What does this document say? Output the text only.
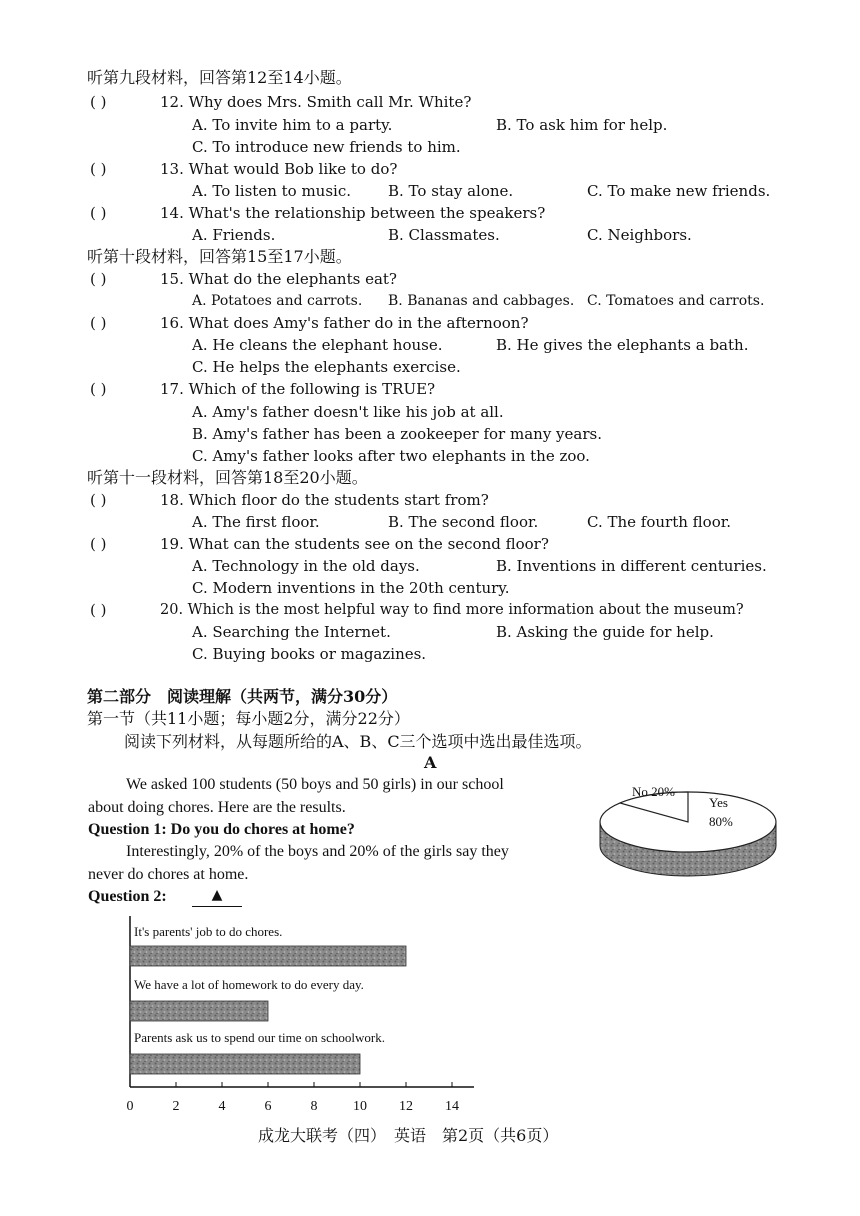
听第九段材料，回答第12至14小题。
( )	12. Why does Mrs. Smith call Mr. White?
A. To invite him to a party.	B. To ask him for help.
C. To introduce new friends to him.
( )	13. What would Bob like to do?
A. To listen to music. B. To stay alone.	C. To make new friends.
( )	14. What's the relationship between the speakers?
A. Friends.	B. Classmates.	C. Neighbors.
听第十段材料，回答第15至17小题。
( )	15. What do the elephants eat?
A. Potatoes and carrots. B. Bananas and cabbages. C. Tomatoes and carrots.
( )	16. What does Amy's father do in the afternoon?
A. He cleans the elephant house.	B. He gives the elephants a bath.
C. He helps the elephants exercise.
( )	17. Which of the following is TRUE?
A. Amy's father doesn't like his job at all.
B. Amy's father has been a zookeeper for many years.
C. Amy's father looks after two elephants in the zoo.
听第十一段材料，回答第18至20小题。
( )	18. Which floor do the students start from?
A. The first floor.	B. The second floor.	C. The fourth floor.
( )	19. What can the students see on the second floor?
A. Technology in the old days.	B. Inventions in different centuries.
C. Modern inventions in the 20th century.
( )	20. Which is the most helpful way to find more information about the museum?
A. Searching the Internet.	B. Asking the guide for help.
C. Buying books or magazines.
第二部分　阅读理解（共两节，满分30分）
第一节（共11小题；每小题2分，满分22分）
阅读下列材料，从每题所给的A、B、C三个选项中选出最佳选项。
A
We asked 100 students (50 boys and 50 girls) in our school
about doing chores. Here are the results.
Question 1: Do you do chores at home?
Interestingly, 20% of the boys and 20% of the girls say they
never do chores at home.
Question 2:	▲
No 20%
Yes
80%
It's parents' job to do chores.
We have a lot of homework to do every day.
Parents ask us to spend our time on schoolwork.
0	2	4	6	8	10 12 14
成龙大联考（四）　英语　第2页（共6页）
